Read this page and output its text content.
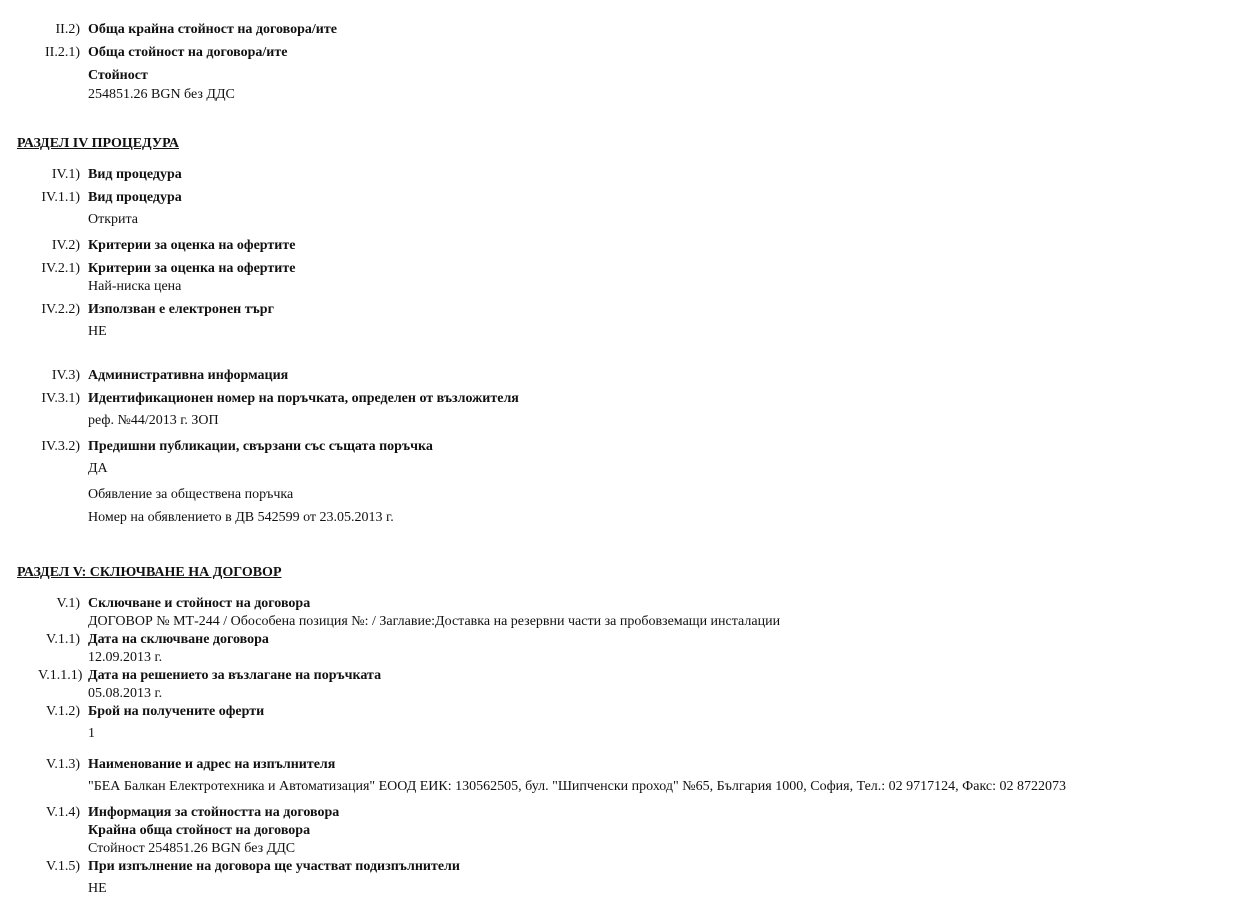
II.2) Обща крайна стойност на договора/ите
II.2.1) Обща стойност на договора/ите
Стойност
254851.26 BGN без ДДС
РАЗДЕЛ IV ПРОЦЕДУРА
IV.1) Вид процедура
IV.1.1) Вид процедура
Открита
IV.2) Критерии за оценка на офертите
IV.2.1) Критерии за оценка на офертите
Най-ниска цена
IV.2.2) Използван е електронен търг
НЕ
IV.3) Административна информация
IV.3.1) Идентификационен номер на поръчката, определен от възложителя
реф. №44/2013 г. ЗОП
IV.3.2) Предишни публикации, свързани със същата поръчка
ДА
Обявление за обществена поръчка
Номер на обявлението в ДВ 542599 от 23.05.2013 г.
РАЗДЕЛ V: СКЛЮЧВАНЕ НА ДОГОВОР
V.1) Сключване и стойност на договора
ДОГОВОР № МТ-244 / Обособена позиция №: / Заглавие:Доставка на резервни части за пробовземащи инсталации
V.1.1) Дата на сключване договора
12.09.2013 г.
V.1.1.1) Дата на решението за възлагане на поръчката
05.08.2013 г.
V.1.2) Брой на получените оферти
1
V.1.3) Наименование и адрес на изпълнителя
"БЕА Балкан Електротехника и Автоматизация" ЕООД ЕИК: 130562505, бул. "Шипченски проход" №65, България 1000, София, Тел.: 02 9717124, Факс: 02 8722073
V.1.4) Информация за стойността на договора
Крайна обща стойност на договора
Стойност 254851.26 BGN без ДДС
V.1.5) При изпълнение на договора ще участват подизпълнители
НЕ
